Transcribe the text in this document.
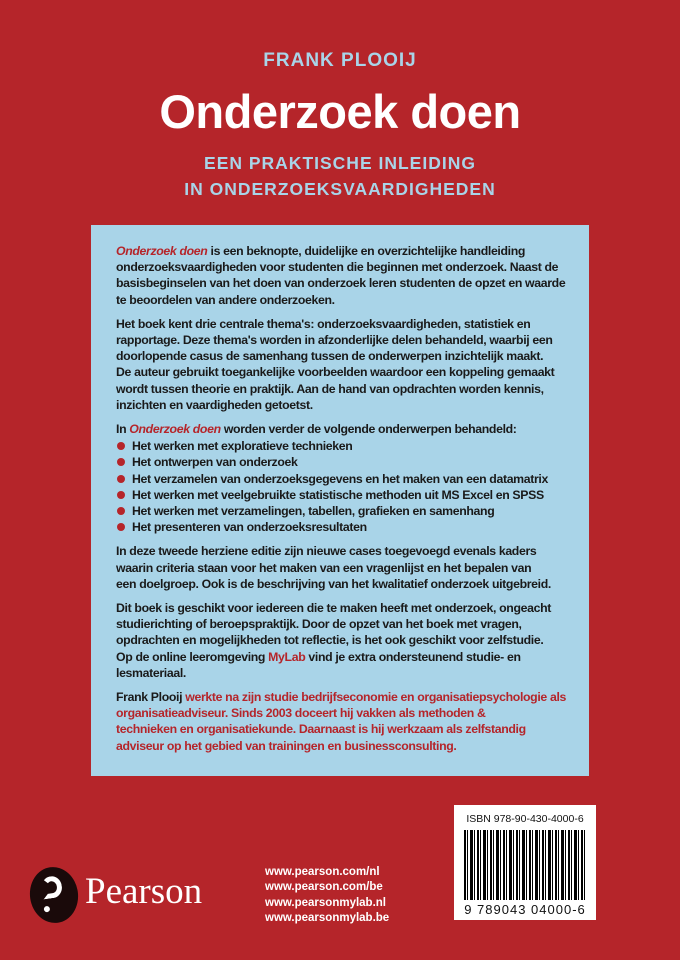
FRANK PLOOIJ
Onderzoek doen
EEN PRAKTISCHE INLEIDING
IN ONDERZOEKSVAARDIGHEDEN
Onderzoek doen is een beknopte, duidelijke en overzichtelijke handleiding
onderzoeksvaardigheden voor studenten die beginnen met onderzoek. Naast de
basisbeginselen van het doen van onderzoek leren studenten de opzet en waarde
te beoordelen van andere onderzoeken.
Het boek kent drie centrale thema's: onderzoeksvaardigheden, statistiek en
rapportage. Deze thema's worden in afzonderlijke delen behandeld, waarbij een
doorlopende casus de samenhang tussen de onderwerpen inzichtelijk maakt.
De auteur gebruikt toegankelijke voorbeelden waardoor een koppeling gemaakt
wordt tussen theorie en praktijk. Aan de hand van opdrachten worden kennis,
inzichten en vaardigheden getoetst.
In Onderzoek doen worden verder de volgende onderwerpen behandeld:
Het werken met exploratieve technieken
Het ontwerpen van onderzoek
Het verzamelen van onderzoeksgegevens en het maken van een datamatrix
Het werken met veelgebruikte statistische methoden uit MS Excel en SPSS
Het werken met verzamelingen, tabellen, grafieken en samenhang
Het presenteren van onderzoeksresultaten
In deze tweede herziene editie zijn nieuwe cases toegevoegd evenals kaders
waarin criteria staan voor het maken van een vragenlijst en het bepalen van
een doelgroep. Ook is de beschrijving van het kwalitatief onderzoek uitgebreid.
Dit boek is geschikt voor iedereen die te maken heeft met onderzoek, ongeacht
studierichting of beroepspraktijk. Door de opzet van het boek met vragen,
opdrachten en mogelijkheden tot reflectie, is het ook geschikt voor zelfstudie.
Op de online leeromgeving MyLab vind je extra ondersteunend studie- en
lesmateriaal.
Frank Plooij werkte na zijn studie bedrijfseconomie en organisatiepsychologie als
organisatieadviseur. Sinds 2003 doceert hij vakken als methoden &
technieken en organisatiekunde. Daarnaast is hij werkzaam als zelfstandig
adviseur op het gebied van trainingen en businessconsulting.
Pearson	www.pearson.com/nl
www.pearson.com/be
www.pearsonmylab.nl
www.pearsonmylab.be
ISBN 978-90-430-4000-6
9 789043 04000-6
